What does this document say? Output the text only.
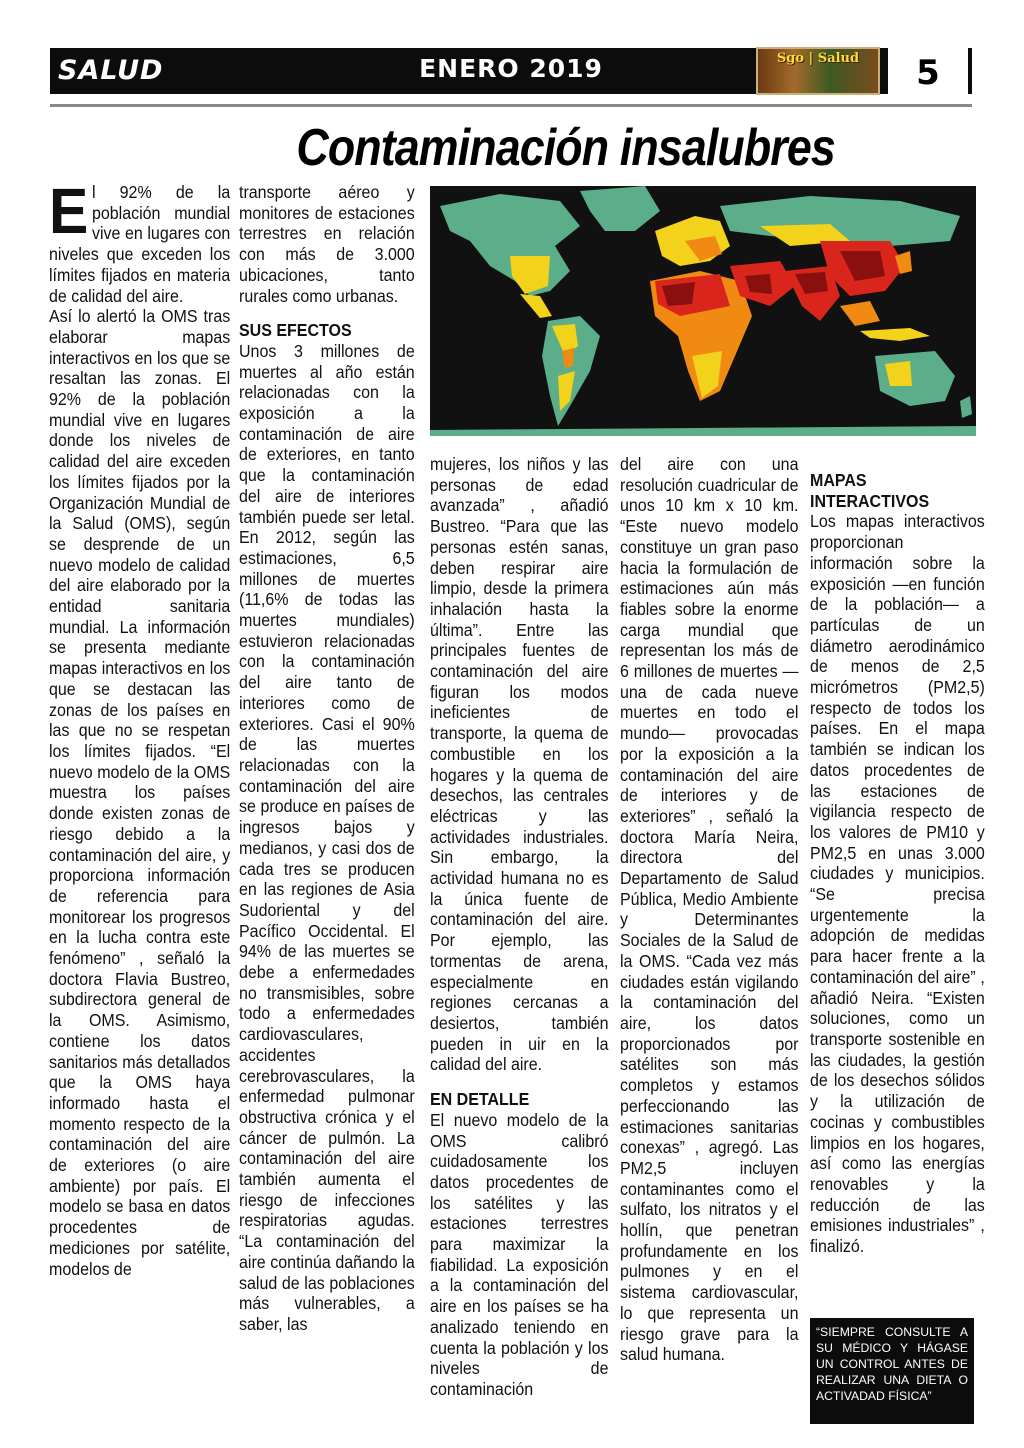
SALUD	ENERO 2019	Sgo | Salud	5
Contaminación insalubres
E l 92% de la población mundial vive en lugares con niveles que exceden los límites fijados en materia de calidad del aire.

Así lo alertó la OMS tras elaborar mapas interactivos en los que se resaltan las zonas. El 92% de la población mundial vive en lugares donde los niveles de calidad del aire exceden los límites fijados por la Organización Mundial de la Salud (OMS), según se desprende de un nuevo modelo de calidad del aire elaborado por la entidad sanitaria mundial. La información se presenta mediante mapas interactivos en los que se destacan las zonas de los países en las que no se respetan los límites fijados. “El nuevo modelo de la OMS muestra los países donde existen zonas de riesgo debido a la contaminación del aire, y proporciona información de referencia para monitorear los progresos en la lucha contra este fenómeno” , señaló la doctora Flavia Bustreo, subdirectora general de la OMS. Asimismo, contiene los datos sanitarios más detallados que la OMS haya informado hasta el momento respecto de la contaminación del aire de exteriores (o aire ambiente) por país. El modelo se basa en datos procedentes de mediciones por satélite, modelos de

transporte aéreo y monitores de estaciones terrestres en relación con más de 3.000 ubicaciones, tanto rurales como urbanas.

SUS EFECTOS

Unos 3 millones de muertes al año están relacionadas con la exposición a la contaminación de aire de exteriores, en tanto que la contaminación del aire de interiores también puede ser letal. En 2012, según las estimaciones, 6,5 millones de muertes (11,6% de todas las muertes mundiales) estuvieron relacionadas con la contaminación del aire tanto de interiores como de exteriores. Casi el 90% de las muertes relacionadas con la contaminación del aire se produce en países de ingresos bajos y medianos, y casi dos de cada tres se producen en las regiones de Asia Sudoriental y del Pacífico Occidental. El 94% de las muertes se debe a enfermedades no transmisibles, sobre todo a enfermedades cardiovasculares, accidentes cerebrovasculares, la enfermedad pulmonar obstructiva crónica y el cáncer de pulmón. La contaminación del aire también aumenta el riesgo de infecciones respiratorias agudas. “La contaminación del aire continúa dañando la salud de las poblaciones más vulnerables, a saber, las

mujeres, los niños y las personas de edad avanzada” , añadió Bustreo. “Para que las personas estén sanas, deben respirar aire limpio, desde la primera inhalación hasta la última”. Entre las principales fuentes de contaminación del aire figuran los modos ineficientes de transporte, la quema de combustible en los hogares y la quema de desechos, las centrales eléctricas y las actividades industriales. Sin embargo, la actividad humana no es la única fuente de contaminación del aire. Por ejemplo, las tormentas de arena, especialmente en regiones cercanas a desiertos, también pueden in uir en la calidad del aire.

EN DETALLE

El nuevo modelo de la OMS calibró cuidadosamente los datos procedentes de los satélites y las estaciones terrestres para maximizar la fiabilidad. La exposición a la contaminación del aire en los países se ha analizado teniendo en cuenta la población y los niveles de contaminación

del aire con una resolución cuadricular de unos 10 km x 10 km. “Este nuevo modelo constituye un gran paso hacia la formulación de estimaciones aún más fiables sobre la enorme carga mundial que representan los más de 6 millones de muertes —una de cada nueve muertes en todo el mundo— provocadas por la exposición a la contaminación del aire de interiores y de exteriores” , señaló la doctora María Neira, directora del Departamento de Salud Pública, Medio Ambiente y Determinantes Sociales de la Salud de la OMS. “Cada vez más ciudades están vigilando la contaminación del aire, los datos proporcionados por satélites son más completos y estamos perfeccionando las estimaciones sanitarias conexas” , agregó. Las PM2,5 incluyen contaminantes como el sulfato, los nitratos y el hollín, que penetran profundamente en los pulmones y en el sistema cardiovascular, lo que representa un riesgo grave para la salud humana.

MAPAS INTERACTIVOS

Los mapas interactivos proporcionan información sobre la exposición —en función de la población— a partículas de un diámetro aerodinámico de menos de 2,5 micrómetros (PM2,5) respecto de todos los países. En el mapa también se indican los datos procedentes de las estaciones de vigilancia respecto de los valores de PM10 y PM2,5 en unas 3.000 ciudades y municipios. “Se precisa urgentemente la adopción de medidas para hacer frente a la contaminación del aire” , añadió Neira. “Existen soluciones, como un transporte sostenible en las ciudades, la gestión de los desechos sólidos y la utilización de cocinas y combustibles limpios en los hogares, así como las energías renovables y la reducción de las emisiones industriales” , finalizó.

“SIEMPRE CONSULTE A SU MÉDICO Y HÁGASE UN CONTROL ANTES DE REALIZAR UNA DIETA O ACTIVADAD FÍSICA”
